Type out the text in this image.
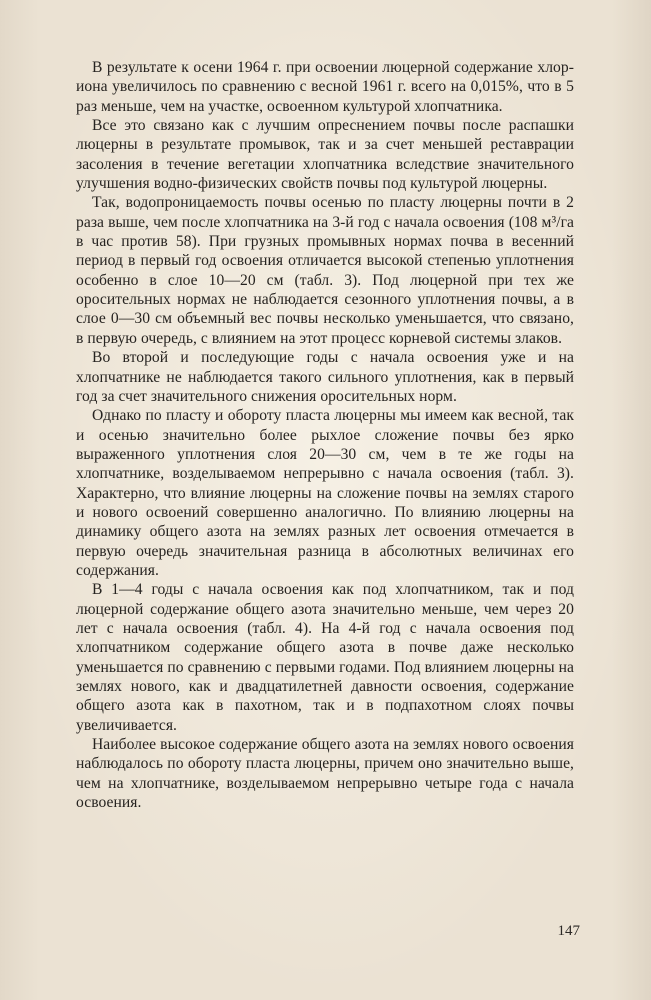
В результате к осени 1964 г. при освоении люцерной содержание хлор-иона увеличилось по сравнению с весной 1961 г. всего на 0,015%, что в 5 раз меньше, чем на участке, освоенном культурой хлопчатника.

Все это связано как с лучшим опреснением почвы после распашки люцерны в результате промывок, так и за счет меньшей реставрации засоления в течение вегетации хлопчатника вследствие значительного улучшения водно-физических свойств почвы под культурой люцерны.

Так, водопроницаемость почвы осенью по пласту люцерны почти в 2 раза выше, чем после хлопчатника на 3-й год с начала освоения (108 м³/га в час против 58). При грузных промывных нормах почва в весенний период в первый год освоения отличается высокой степенью уплотнения особенно в слое 10—20 см (табл. 3). Под люцерной при тех же оросительных нормах не наблюдается сезонного уплотнения почвы, а в слое 0—30 см объемный вес почвы несколько уменьшается, что связано, в первую очередь, с влиянием на этот процесс корневой системы злаков.

Во второй и последующие годы с начала освоения уже и на хлопчатнике не наблюдается такого сильного уплотнения, как в первый год за счет значительного снижения оросительных норм.

Однако по пласту и обороту пласта люцерны мы имеем как весной, так и осенью значительно более рыхлое сложение почвы без ярко выраженного уплотнения слоя 20—30 см, чем в те же годы на хлопчатнике, возделываемом непрерывно с начала освоения (табл. 3). Характерно, что влияние люцерны на сложение почвы на землях старого и нового освоений совершенно аналогично. По влиянию люцерны на динамику общего азота на землях разных лет освоения отмечается в первую очередь значительная разница в абсолютных величинах его содержания.

В 1—4 годы с начала освоения как под хлопчатником, так и под люцерной содержание общего азота значительно меньше, чем через 20 лет с начала освоения (табл. 4). На 4-й год с начала освоения под хлопчатником содержание общего азота в почве даже несколько уменьшается по сравнению с первыми годами. Под влиянием люцерны на землях нового, как и двадцатилетней давности освоения, содержание общего азота как в пахотном, так и в подпахотном слоях почвы увеличивается.

Наиболее высокое содержание общего азота на землях нового освоения наблюдалось по обороту пласта люцерны, причем оно значительно выше, чем на хлопчатнике, возделываемом непрерывно четыре года с начала освоения.

147
